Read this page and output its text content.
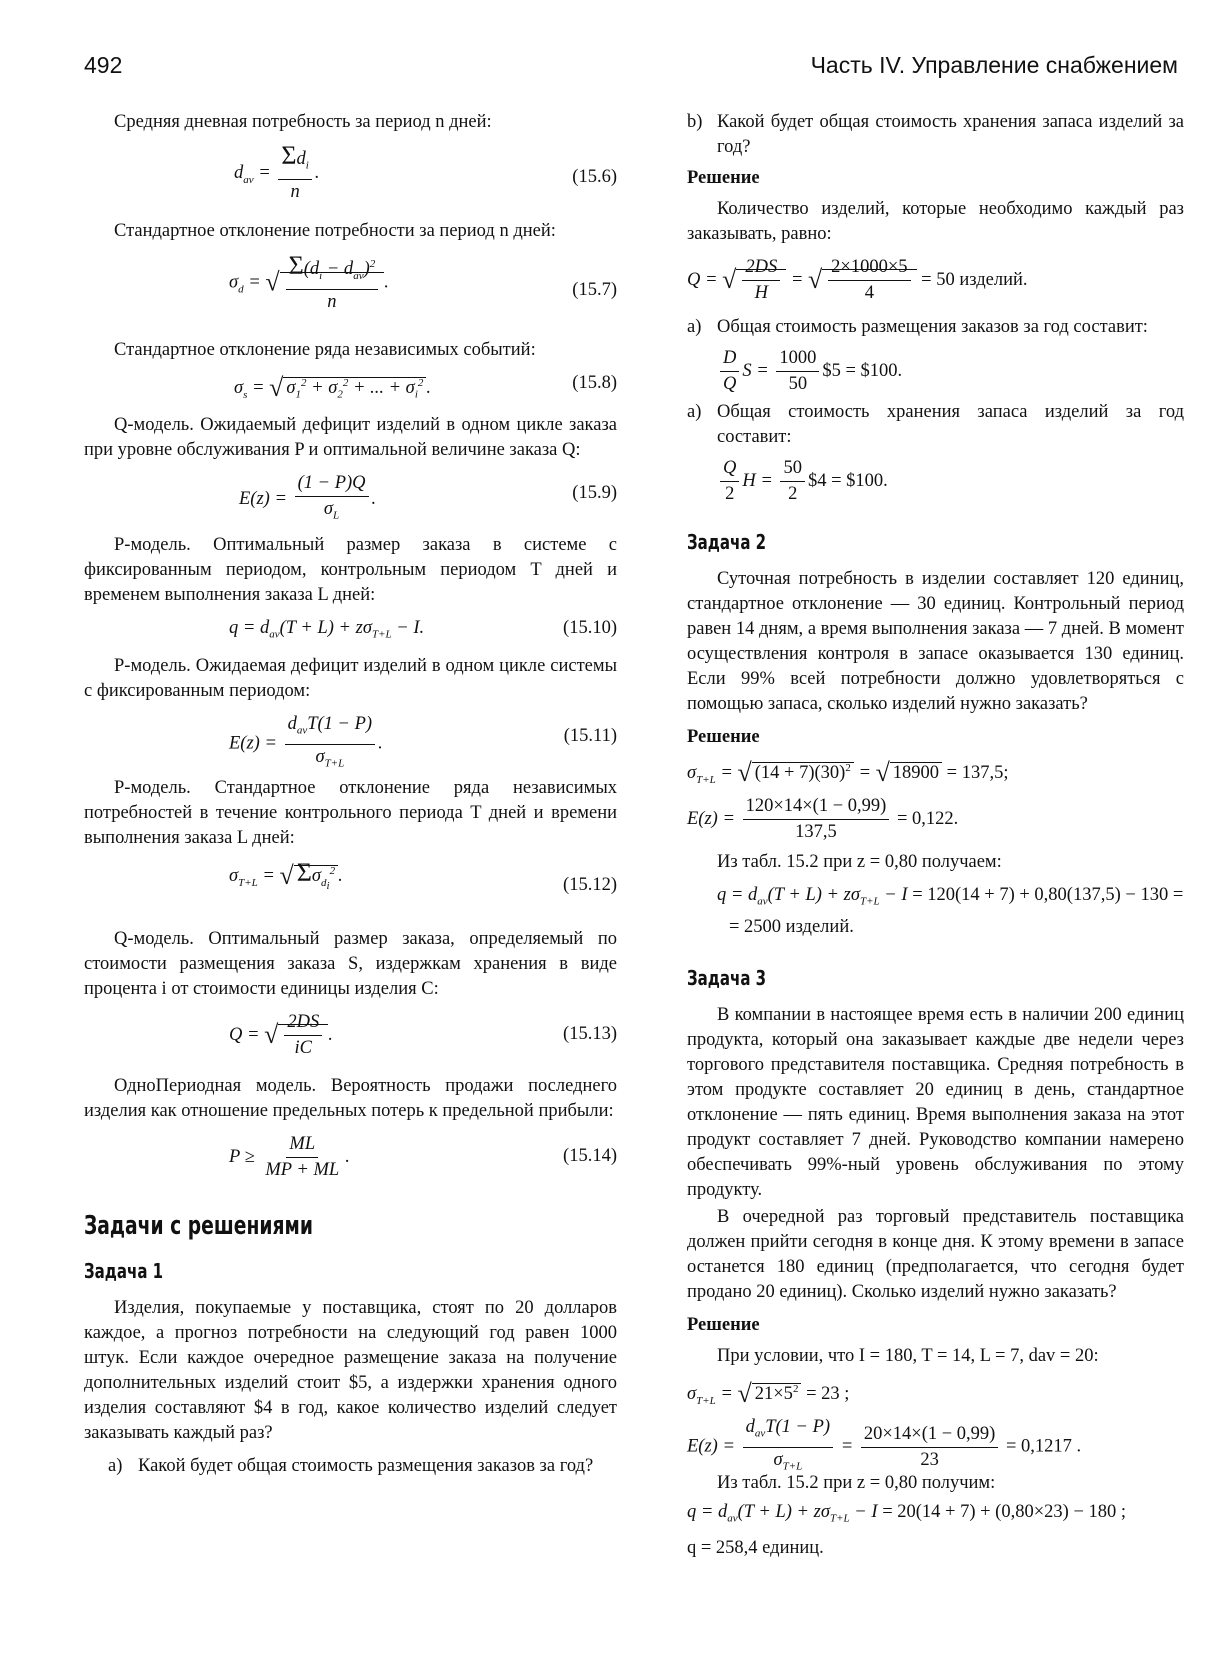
492	Часть IV. Управление снабжением

Средняя дневная потребность за период n дней:

$d_{av} = \frac{\Sigma d_i}{n}$ .	(15.6)

Стандартное отклонение потребности за период n дней:

$\sigma_d$ = √ $\frac{\Sigma(d_i - d_{av})^2}{n}$ .	(15.7)

Стандартное отклонение ряда независимых событий:

$\sigma_s$ = √ $\sigma_1^2 + \sigma_2^2$ + ... + $\sigma_i^2$ .	(15.8)

Q-модель. Ожидаемый дефицит изделий в одном цикле заказа при уровне обслуживания P и оптимальной величине заказа Q:

$E(z) = \frac{(1 - P)Q}{\sigma_L}$ .	(15.9)

P-модель. Оптимальный размер заказа в системе с фиксированным периодом, контрольным периодом T дней и временем выполнения заказа L дней:

$q = d_{av}(T + L) + z\sigma_{T+L} - I$.	(15.10)

P-модель. Ожидаемая дефицит изделий в одном цикле системы с фиксированным периодом:

$E(z) = \frac{d_{av}T(1 - P)}{\sigma_{T+L}}$ .	(15.11)

P-модель. Стандартное отклонение ряда независимых потребностей в течение контрольного периода T дней и времени выполнения заказа L дней:

$\sigma_{T+L}$ = √ $\Sigma\sigma_{d_i}^2$ .	(15.12)

Q-модель. Оптимальный размер заказа, определяемый по стоимости размещения заказа S, издержкам хранения в виде процента i от стоимости единицы изделия C:

Q = √ $\frac{2DS}{iC}$ .	(15.13)

ОдноПериодная модель. Вероятность продажи последнего изделия как отношение предельных потерь к предельной прибыли:

$P \ge \frac{ML}{MP + ML}$ .	(15.14)
Задачи с решениями
Задача 1

Изделия, покупаемые у поставщика, стоят по 20 долларов каждое, а прогноз потребности на следующий год равен 1000 штук. Если каждое очередное размещение заказа на получение дополнительных изделий стоит $5, а издержки хранения одного изделия составляют $4 в год, какое количество изделий следует заказывать каждый раз?

a) Какой будет общая стоимость размещения заказов за год?
b) Какой будет общая стоимость хранения запаса изделий за год?
Решение

Количество изделий, которые необходимо каждый раз заказывать, равно:

Q = √ $\frac{2DS}{H}$ = √ $\frac{2\times 1000\times 5}{4} = 50$ изделий.
a) Общая стоимость размещения заказов за год составит:
$\frac{D}{Q}$ $S = \frac{1000}{50}$ $5 = $100.
а) Общая стоимость хранения запаса изделий за год составит:
$\frac{Q}{2}$ $H = \frac{50}{2}$ $4 = $100.
Задача 2

Суточная потребность в изделии составляет 120 единиц, стандартное отклонение — 30 единиц. Контрольный период равен 14 дням, а время выполнения заказа — 7 дней. В момент осуществления контроля в запасе оказывается 130 единиц. Если 99% всей потребности должно удовлетворяться с помощью запаса, сколько изделий нужно заказать?

Решение
$\sigma_{T+L}$ = √ $(14 + 7)(30)^2$ = √ 18900 = 137,5;
$E(z) = \frac{120\times 14\times(1 - 0,99)}{137,5} = 0,122$.

Из табл. 15.2 при z = 0,80 получаем:

$q = d_{av}(T + L) + z\sigma_{T+L} - I = 120(14 + 7) + 0,80(137,5) - 130$ =
= 2500 изделий.
Задача 3

В компании в настоящее время есть в наличии 200 единиц продукта, который она заказывает каждые две недели через торгового представителя поставщика. Средняя потребность в этом продукте составляет 20 единиц в день, стандартное отклонение — пять единиц. Время выполнения заказа на этот продукт составляет 7 дней. Руководство компании намерено обеспечивать 99%-ный уровень обслуживания по этому продукту.

В очередной раз торговый представитель поставщика должен прийти сегодня в конце дня. К этому времени в запасе останется 180 единиц (предполагается, что сегодня будет продано 20 единиц). Сколько изделий нужно заказать?

Решение

При условии, что I = 180, T = 14, L = 7, dav = 20:

$\sigma_{T+L}$ = √ $21\times 5^2 = 23$ ;
$E(z) = \frac{d_{av}T(1 - P)}{\sigma_{T+L}} = \frac{20\times 14\times(1 - 0,99)}{23} = 0,1217$ .

Из табл. 15.2 при z = 0,80 получим:

$q = d_{av}(T + L) + z\sigma_{T+L} - I = 20(14 + 7) + (0,80\times 23) - 180$ ;
q = 258,4 единиц.
